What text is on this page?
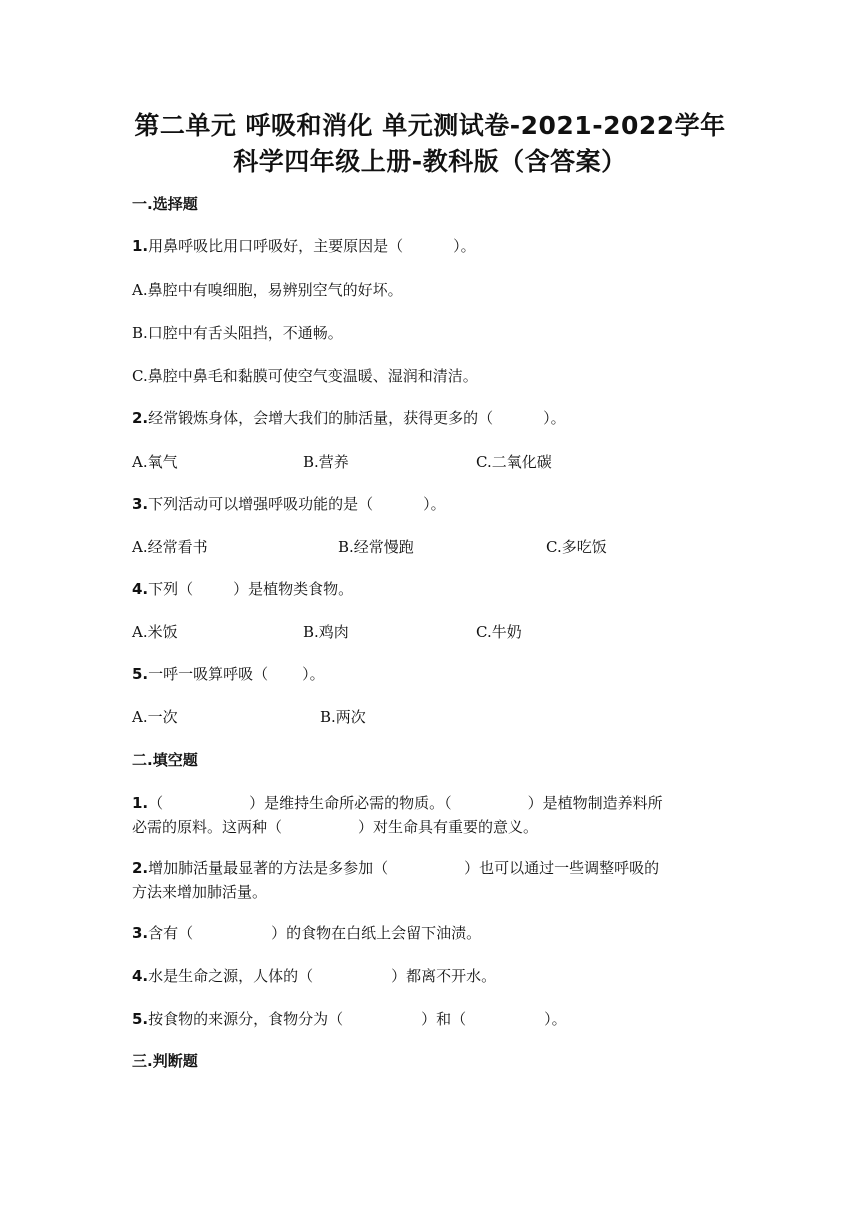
第二单元 呼吸和消化 单元测试卷-2021-2022学年
科学四年级上册-教科版（含答案）
一.选择题
1.用鼻呼吸比用口呼吸好，主要原因是（	）。
A.鼻腔中有嗅细胞，易辨别空气的好坏。
B.口腔中有舌头阻挡，不通畅。
C.鼻腔中鼻毛和黏膜可使空气变温暖、湿润和清洁。
2.经常锻炼身体，会增大我们的肺活量，获得更多的（	）。
A.氧气	B.营养	C.二氧化碳
3.下列活动可以增强呼吸功能的是（	）。
A.经常看书	B.经常慢跑	C.多吃饭
4.下列（	）是植物类食物。
A.米饭	B.鸡肉	C.牛奶
5.一呼一吸算呼吸（ ）。
A.一次	B.两次
二.填空题
1.（	）是维持生命所必需的物质。（	）是植物制造养料所
必需的原料。这两种（	）对生命具有重要的意义。
2.增加肺活量最显著的方法是多参加（	）也可以通过一些调整呼吸的
方法来增加肺活量。
3.含有（	）的食物在白纸上会留下油渍。
4.水是生命之源，人体的（	）都离不开水。
5.按食物的来源分，食物分为（	）和（	）。
三.判断题
